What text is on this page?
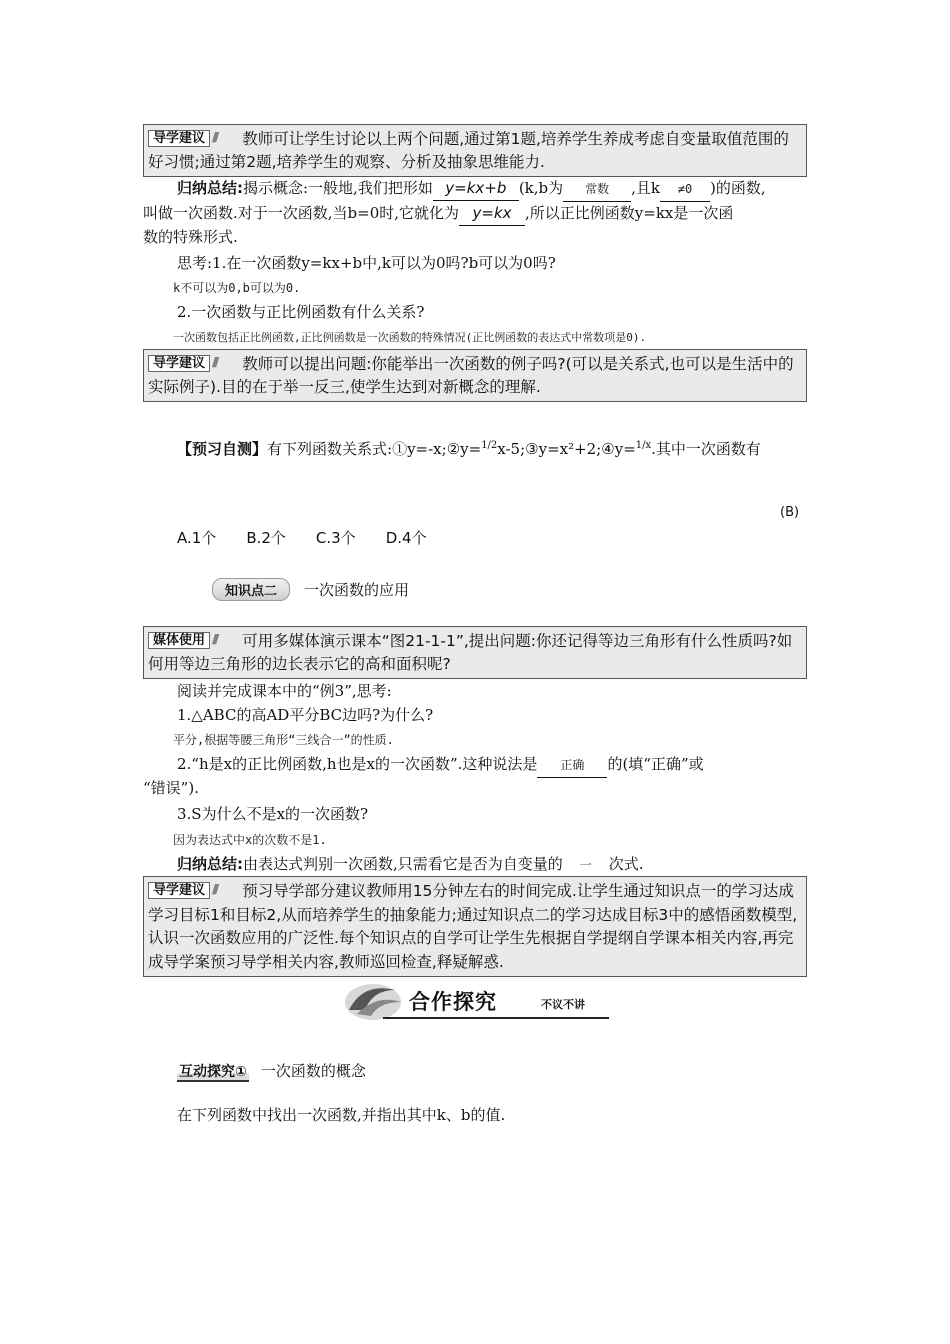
导学建议 //// 教师可让学生讨论以上两个问题,通过第1题,培养学生养成考虑自变量取值范围的好习惯;通过第2题,培养学生的观察、分析及抽象思维能力.
归纳总结:揭示概念:一般地,我们把形如 y=kx+b (k,b为 常数 ,且k ≠0 )的函数,
叫做一次函数.对于一次函数,当b=0时,它就化为 y=kx ,所以正比例函数y=kx是一次函
数的特殊形式.
思考:1.在一次函数y=kx+b中,k可以为0吗?b可以为0吗?
k不可以为0,b可以为0.
2.一次函数与正比例函数有什么关系?
一次函数包括正比例函数,正比例函数是一次函数的特殊情况(正比例函数的表达式中常数项是0).
导学建议 //// 教师可以提出问题:你能举出一次函数的例子吗?(可以是关系式,也可以是生活中的实际例子).目的在于举一反三,使学生达到对新概念的理解.
【预习自测】有下列函数关系式:①y=-x;②y=$^{1/2}$x-5;③y=x²+2;④y=$^{1/x}$.其中一次函数有
(B)
A.1个 B.2个 C.3个 D.4个
知识点二 一次函数的应用
媒体使用 //// 可用多媒体演示课本“图21-1-1”,提出问题:你还记得等边三角形有什么性质吗?如何用等边三角形的边长表示它的高和面积呢?
阅读并完成课本中的“例3”,思考:
1.△ABC的高AD平分BC边吗?为什么?
平分,根据等腰三角形“三线合一”的性质.
2.“h是x的正比例函数,h也是x的一次函数”.这种说法是 正确 的(填“正确”或
“错误”).
3.S为什么不是x的一次函数?
因为表达式中x的次数不是1.
归纳总结:由表达式判别一次函数,只需看它是否为自变量的 一 次式.
导学建议 //// 预习导学部分建议教师用15分钟左右的时间完成.让学生通过知识点一的学习达成学习目标1和目标2,从而培养学生的抽象能力;通过知识点二的学习达成目标3中的感悟函数模型,认识一次函数应用的广泛性.每个知识点的自学可让学生先根据自学提纲自学课本相关内容,再完成导学案预习导学相关内容,教师巡回检查,释疑解惑.
合作探究	不议不讲
互动探究① 一次函数的概念
在下列函数中找出一次函数,并指出其中k、b的值.
